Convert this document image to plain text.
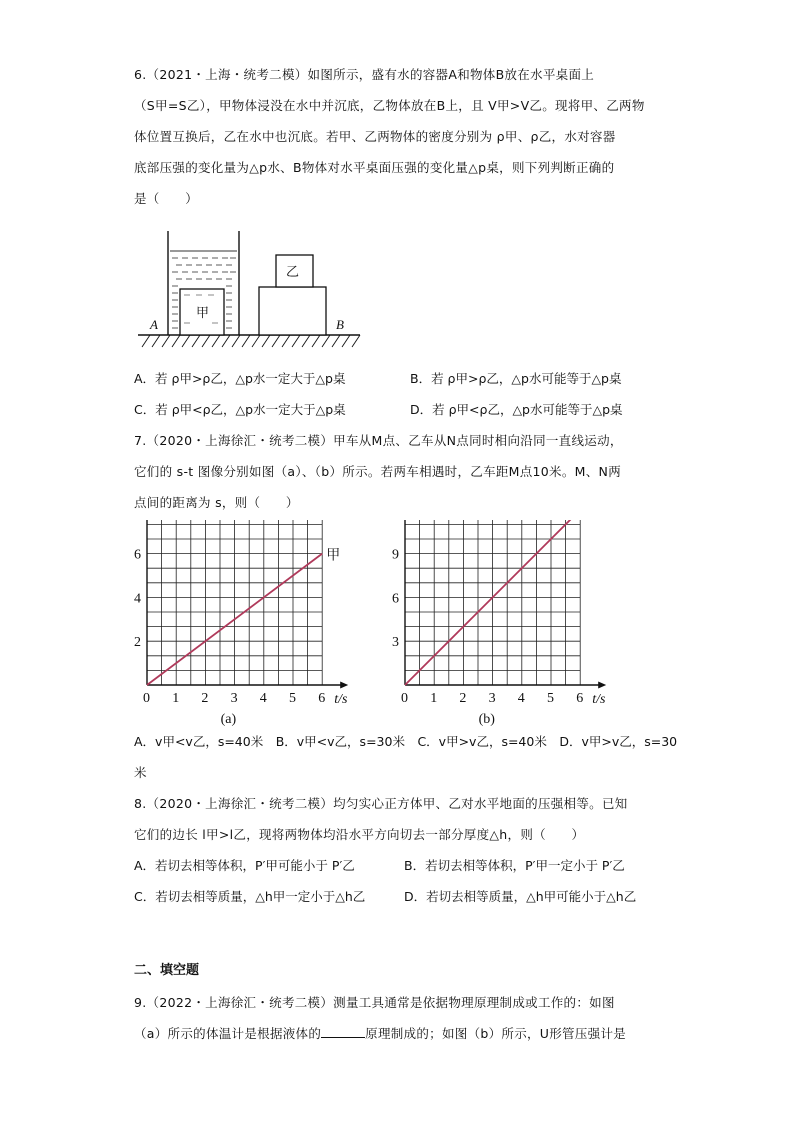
6.（2021・上海・统考二模）如图所示，盛有水的容器A和物体B放在水平桌面上
（S甲=S乙），甲物体浸没在水中并沉底，乙物体放在B上，且 V甲>V乙。现将甲、乙两物
体位置互换后，乙在水中也沉底。若甲、乙两物体的密度分别为 ρ甲、ρ乙，水对容器
底部压强的变化量为△p水、B物体对水平桌面压强的变化量△p桌，则下列判断正确的
是（　　）
甲
乙
A	B
A．若 ρ甲>ρ乙，△p水一定大于△p桌	B．若 ρ甲>ρ乙，△p水可能等于△p桌
C．若 ρ甲<ρ乙，△p水一定大于△p桌	D．若 ρ甲<ρ乙，△p水可能等于△p桌
7.（2020・上海徐汇・统考二模）甲车从M点、乙车从N点同时相向沿同一直线运动，
它们的 s-t 图像分别如图（a）、（b）所示。若两车相遇时，乙车距M点10米。M、N两
点间的距离为 s，则（　　）
0 1 2 3 4 5 6
2
4
6
t/s
甲
(a)
0 1 2 3 4 5 6
3
6
9
t/s
(b)
A．v甲<v乙，s=40米　B．v甲<v乙，s=30米　C．v甲>v乙，s=40米　D．v甲>v乙，s=30
米
8.（2020・上海徐汇・统考二模）均匀实心正方体甲、乙对水平地面的压强相等。已知
它们的边长 l甲>l乙，现将两物体均沿水平方向切去一部分厚度△h，则（　　）
A．若切去相等体积，P′甲可能小于 P′乙	B．若切去相等体积，P′甲一定小于 P′乙
C．若切去相等质量，△h甲一定小于△h乙	D．若切去相等质量，△h甲可能小于△h乙
二、填空题
9.（2022・上海徐汇・统考二模）测量工具通常是依据物理原理制成或工作的：如图
（a）所示的体温计是根据液体的	原理制成的；如图（b）所示，U形管压强计是
